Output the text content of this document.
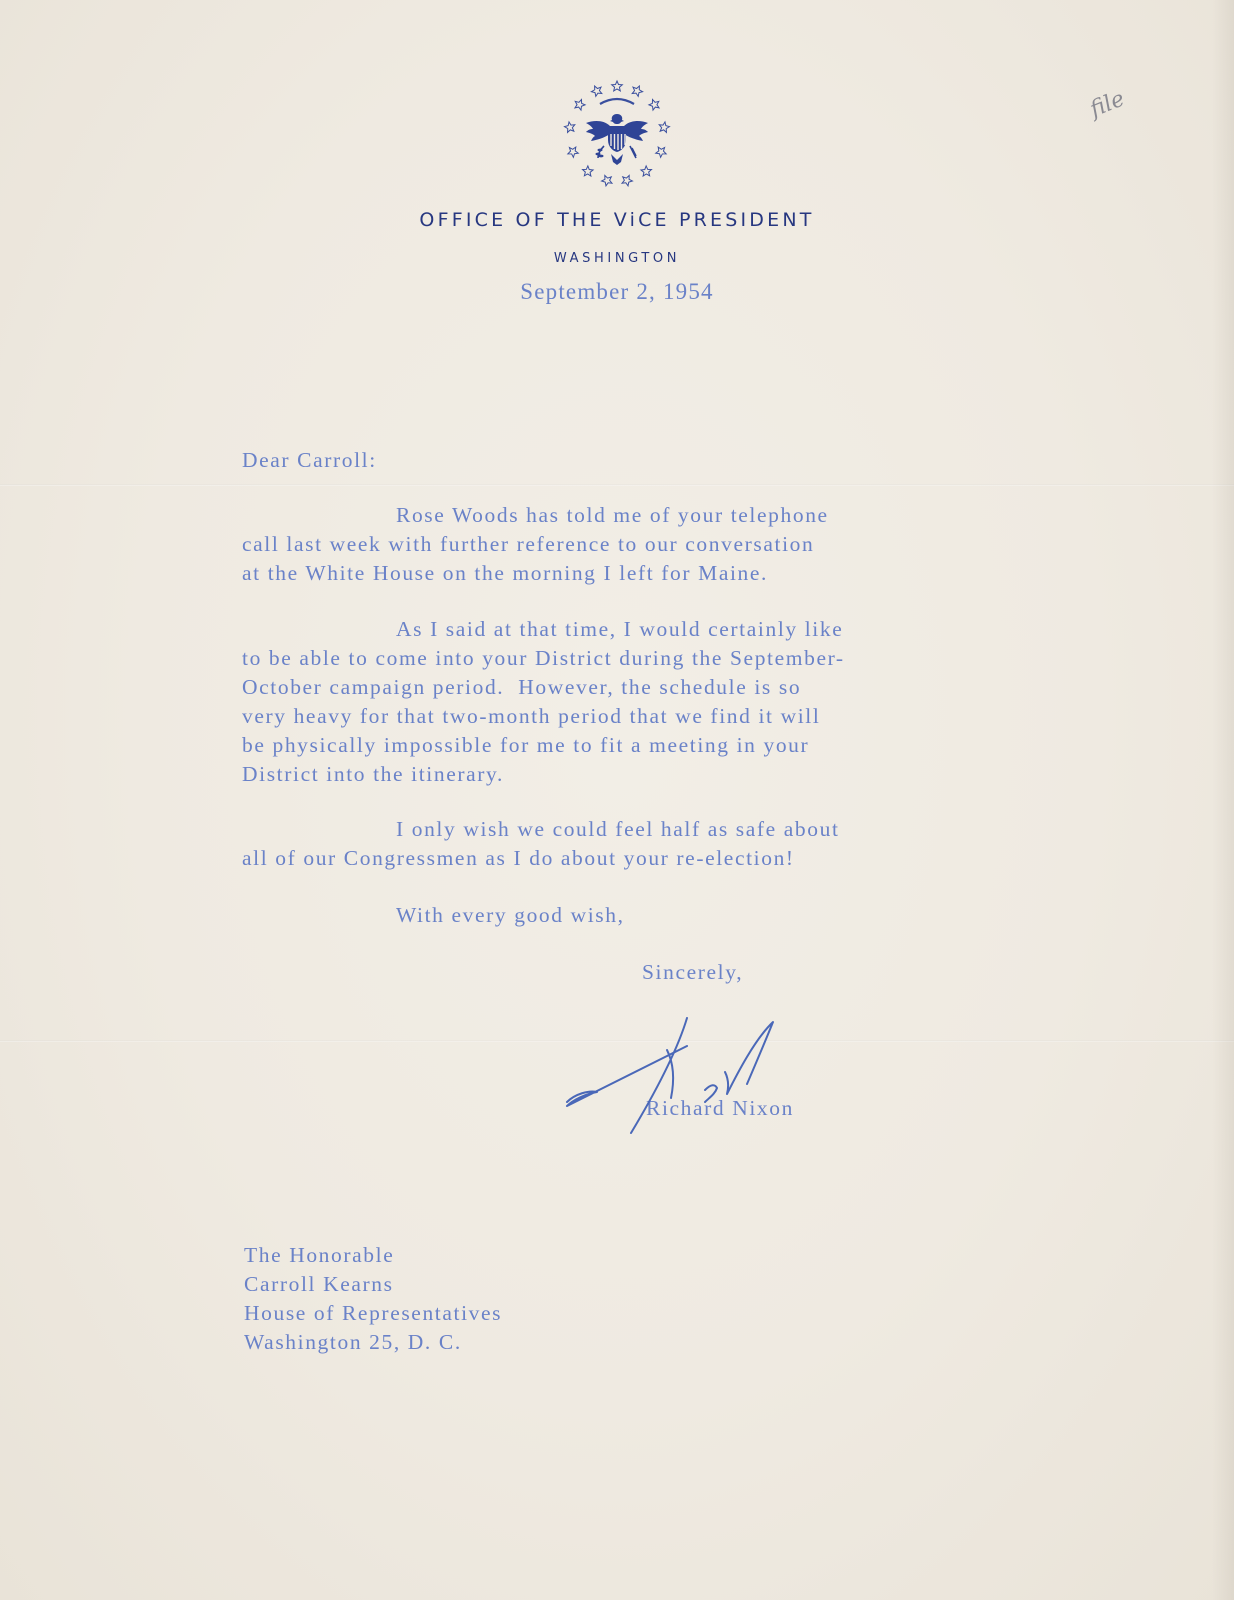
file
OFFICE OF THE ViCE PRESIDENT
WASHINGTON
September 2, 1954
Dear Carroll:
Rose Woods has told me of your telephone
call last week with further reference to our conversation
at the White House on the morning I left for Maine.
As I said at that time, I would certainly like
to be able to come into your District during the September-
October campaign period.  However, the schedule is so
very heavy for that two-month period that we find it will
be physically impossible for me to fit a meeting in your
District into the itinerary.
I only wish we could feel half as safe about
all of our Congressmen as I do about your re-election!
With every good wish,
Sincerely,
Richard Nixon
The Honorable
Carroll Kearns
House of Representatives
Washington 25, D. C.
